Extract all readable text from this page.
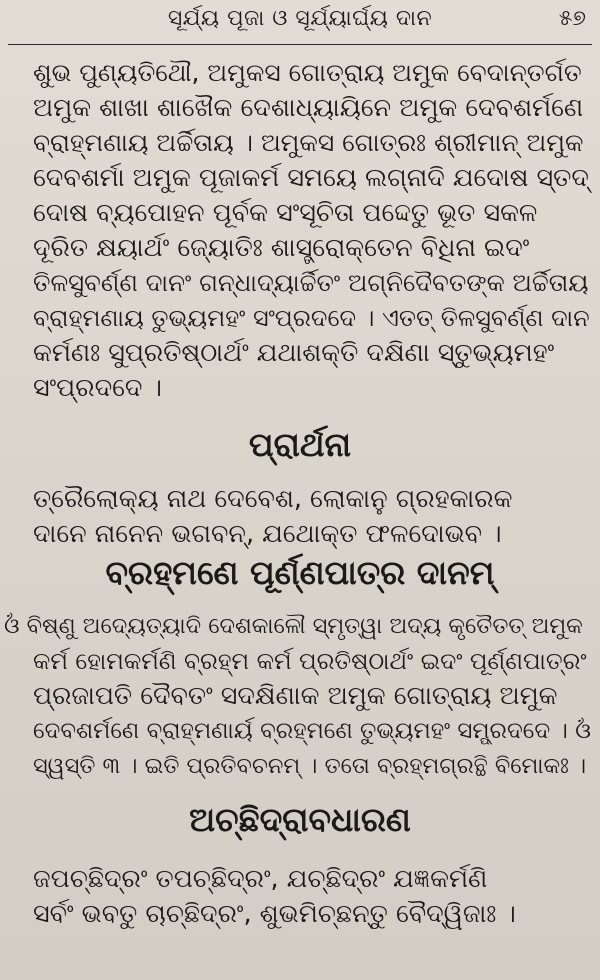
ସୂର୍ଯ୍ୟ ପୂଜା ଓ ସୂର୍ଯ୍ୟାର୍ଘ୍ୟ ଦାନ	୫୭
ଶୁଭ ପୁଣ୍ୟତିଥୌ, ଅମୁକସ ଗୋତ୍ରାୟ ଅମୁକ ବେଦାନ୍ତର୍ଗତ
ଅମୁକ ଶାଖା ଶାଖୈକ ଦେଶାଧ୍ୟାୟିନେ ଅମୁକ ଦେବଶର୍ମଣେ
ବ୍ରାହ୍ମଣାୟ ଅର୍ଚ୍ଚିତାୟ । ଅମୁକସ ଗୋତ୍ରଃ ଶ୍ରୀମାନ୍ ଅମୁକ
ଦେବଶର୍ମା ଅମୁକ ପୂଜାକର୍ମ ସମୟେ ଲଗ୍ନାଦି ଯଦୋଷ ସ୍ତଦ୍
ଦୋଷ ବ୍ୟପୋହନ ପୂର୍ବକ ସଂସୂଚିତା ପଦ୍ଦେତୁ ଭୂତ ସକଳ
ଦୂରିତ କ୍ଷୟାର୍ଥଂ ଜ୍ୟୋତିଃ ଶାସ୍ତ୍ରୋକ୍ତେନ ବିଧିନା ଇଦଂ
ତିଳସୁବର୍ଣ୍ଣ ଦାନଂ ଗନ୍ଧାଦ୍ୟାର୍ଚ୍ଚିତଂ ଅଗ୍ନିଦୈବତଙ୍କ ଅର୍ଚ୍ଚିତାୟ
ବ୍ରାହ୍ମଣାୟ ତୁଭ୍ୟମହଂ ସଂପ୍ରଦଦେ । ଏତତ୍ ତିଳସୁବର୍ଣ୍ଣ ଦାନ
କର୍ମଣଃ ସୁପ୍ରତିଷ୍ଠାର୍ଥଂ ଯଥାଶକ୍ତି ଦକ୍ଷିଣା ସ୍ତୁଭ୍ୟମହଂ
ସଂପ୍ରଦଦେ ।
ପ୍ରାର୍ଥନା
ତ୍ରୈଲୋକ୍ୟ ନାଥ ଦେବେଶ, ଲୋକାନୁ ଗ୍ରହକାରକ
ଦାନେ ନାନେନ ଭଗବନ୍, ଯଥୋକ୍ତ ଫଳଦୋଭବ ।
ବ୍ରହ୍ମଣେ ପୂର୍ଣ୍ଣପାତ୍ର ଦାନମ୍
ଓଁ ବିଷ୍ଣୁ ଅଦ୍ୟେତ୍ୟାଦି ଦେଶକାଳୌ ସ୍ମୃତ୍ୱା ଅଦ୍ୟ କୃତୈତତ୍ ଅମୁକ
କର୍ମ ହୋମକର୍ମଣି ବ୍ରହ୍ମ କର୍ମ ପ୍ରତିଷ୍ଠାର୍ଥଂ ଇଦଂ ପୂର୍ଣ୍ଣପାତ୍ରଂ
ପ୍ରଜାପତି ଦୈବତଂ ସଦକ୍ଷିଣାକ ଅମୁକ ଗୋତ୍ରାୟ ଅମୁକ
ଦେବଶର୍ମଣେ ବ୍ରାହ୍ମଣାର୍ୟ ବ୍ରହ୍ମଣେ ତୁଭ୍ୟମହଂ ସମ୍ପ୍ରଦଦେ । ଓଁ
ସ୍ୱସ୍ତି ୩ । ଇତି ପ୍ରତିବଚନମ୍ । ତତୋ ବ୍ରହ୍ମଗ୍ରନ୍ଥି ବିମୋକଃ ।
ଅଚ୍ଛିଦ୍ରାବଧାରଣ
ଜପଚ୍ଛିଦ୍ରଂ ତପଚ୍ଛିଦ୍ରଂ, ଯଚ୍ଛିଦ୍ରଂ ଯଜ୍ଞକର୍ମଣି
ସର୍ବଂ ଭବତୁ ଚାଚ୍ଛିଦ୍ରଂ, ଶୁଭମିଚ୍ଛନ୍ତୁ ବୈଦ୍ୱିଜାଃ ।
